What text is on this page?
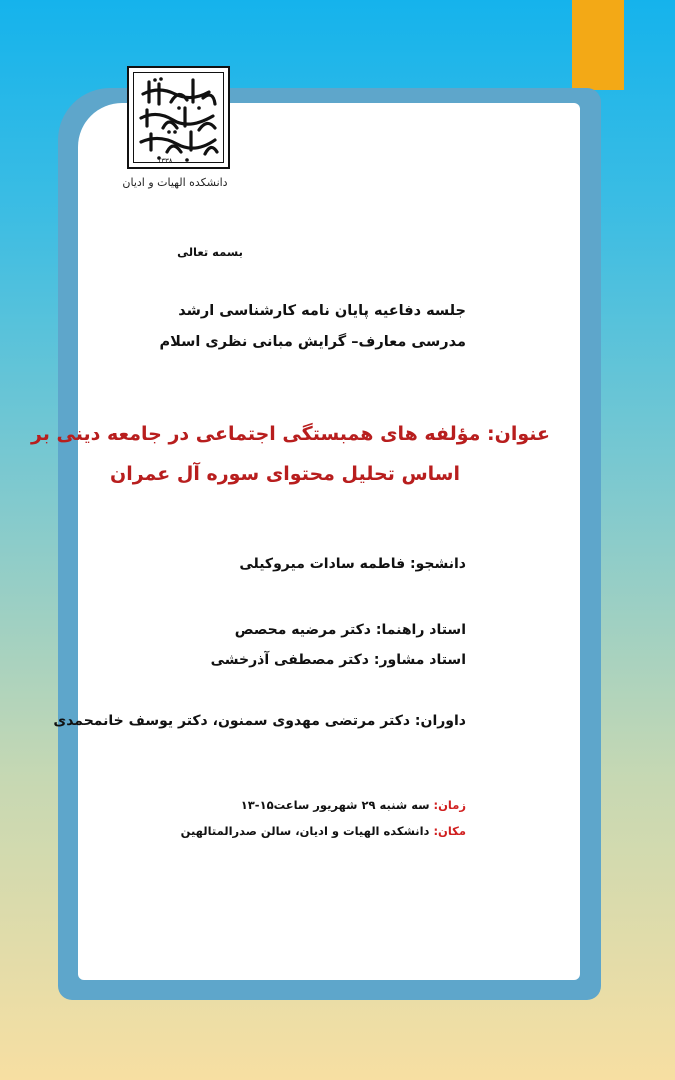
۱۳۳۸
دانشکده الهیات و ادیان
بسمه تعالی
جلسه دفاعیه پایان نامه کارشناسی ارشد
مدرسی معارف– گرایش مبانی نظری اسلام
عنوان: مؤلفه های همبستگی اجتماعی در جامعه دینی بر
اساس تحلیل محتوای سوره آل عمران
دانشجو: فاطمه سادات میروکیلی
استاد راهنما: دکتر مرضیه محصص
استاد مشاور: دکتر مصطفی آذرخشی
داوران: دکتر مرتضی مهدوی سمنون، دکتر یوسف خانمحمدی
زمان: سه شنبه ۲۹ شهریور ساعت۱۵-۱۳
مکان: دانشکده الهیات و ادیان، سالن صدرالمتالهین
